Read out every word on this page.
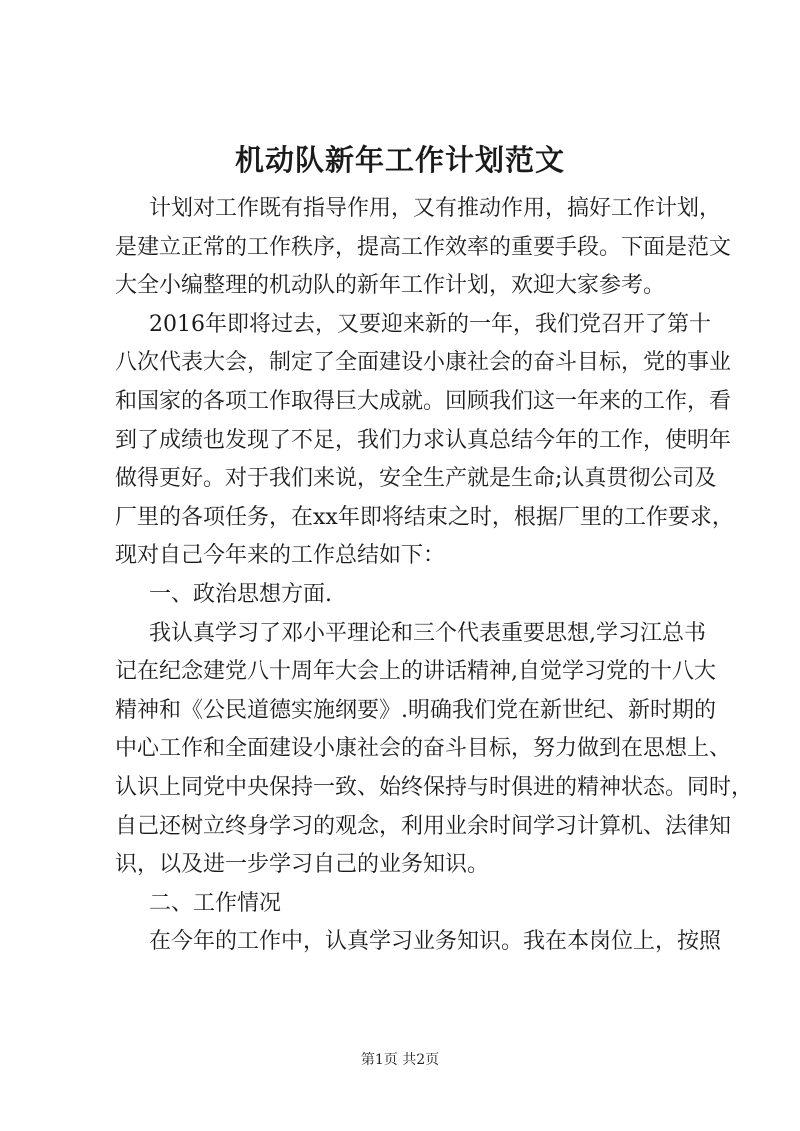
机动队新年工作计划范文
计划对工作既有指导作用，又有推动作用，搞好工作计划，
是建立正常的工作秩序，提高工作效率的重要手段。下面是范文
大全小编整理的机动队的新年工作计划，欢迎大家参考。
2016年即将过去，又要迎来新的一年，我们党召开了第十
八次代表大会，制定了全面建设小康社会的奋斗目标，党的事业
和国家的各项工作取得巨大成就。回顾我们这一年来的工作，看
到了成绩也发现了不足，我们力求认真总结今年的工作，使明年
做得更好。对于我们来说，安全生产就是生命;认真贯彻公司及
厂里的各项任务，在xx年即将结束之时，根据厂里的工作要求，
现对自己今年来的工作总结如下：
一、政治思想方面.
我认真学习了邓小平理论和三个代表重要思想,学习江总书
记在纪念建党八十周年大会上的讲话精神,自觉学习党的十八大
精神和《公民道德实施纲要》.明确我们党在新世纪、新时期的
中心工作和全面建设小康社会的奋斗目标，努力做到在思想上、
认识上同党中央保持一致、始终保持与时俱进的精神状态。同时，
自己还树立终身学习的观念，利用业余时间学习计算机、法律知
识，以及进一步学习自己的业务知识。
二、工作情况
在今年的工作中，认真学习业务知识。我在本岗位上，按照
第1页 共2页
